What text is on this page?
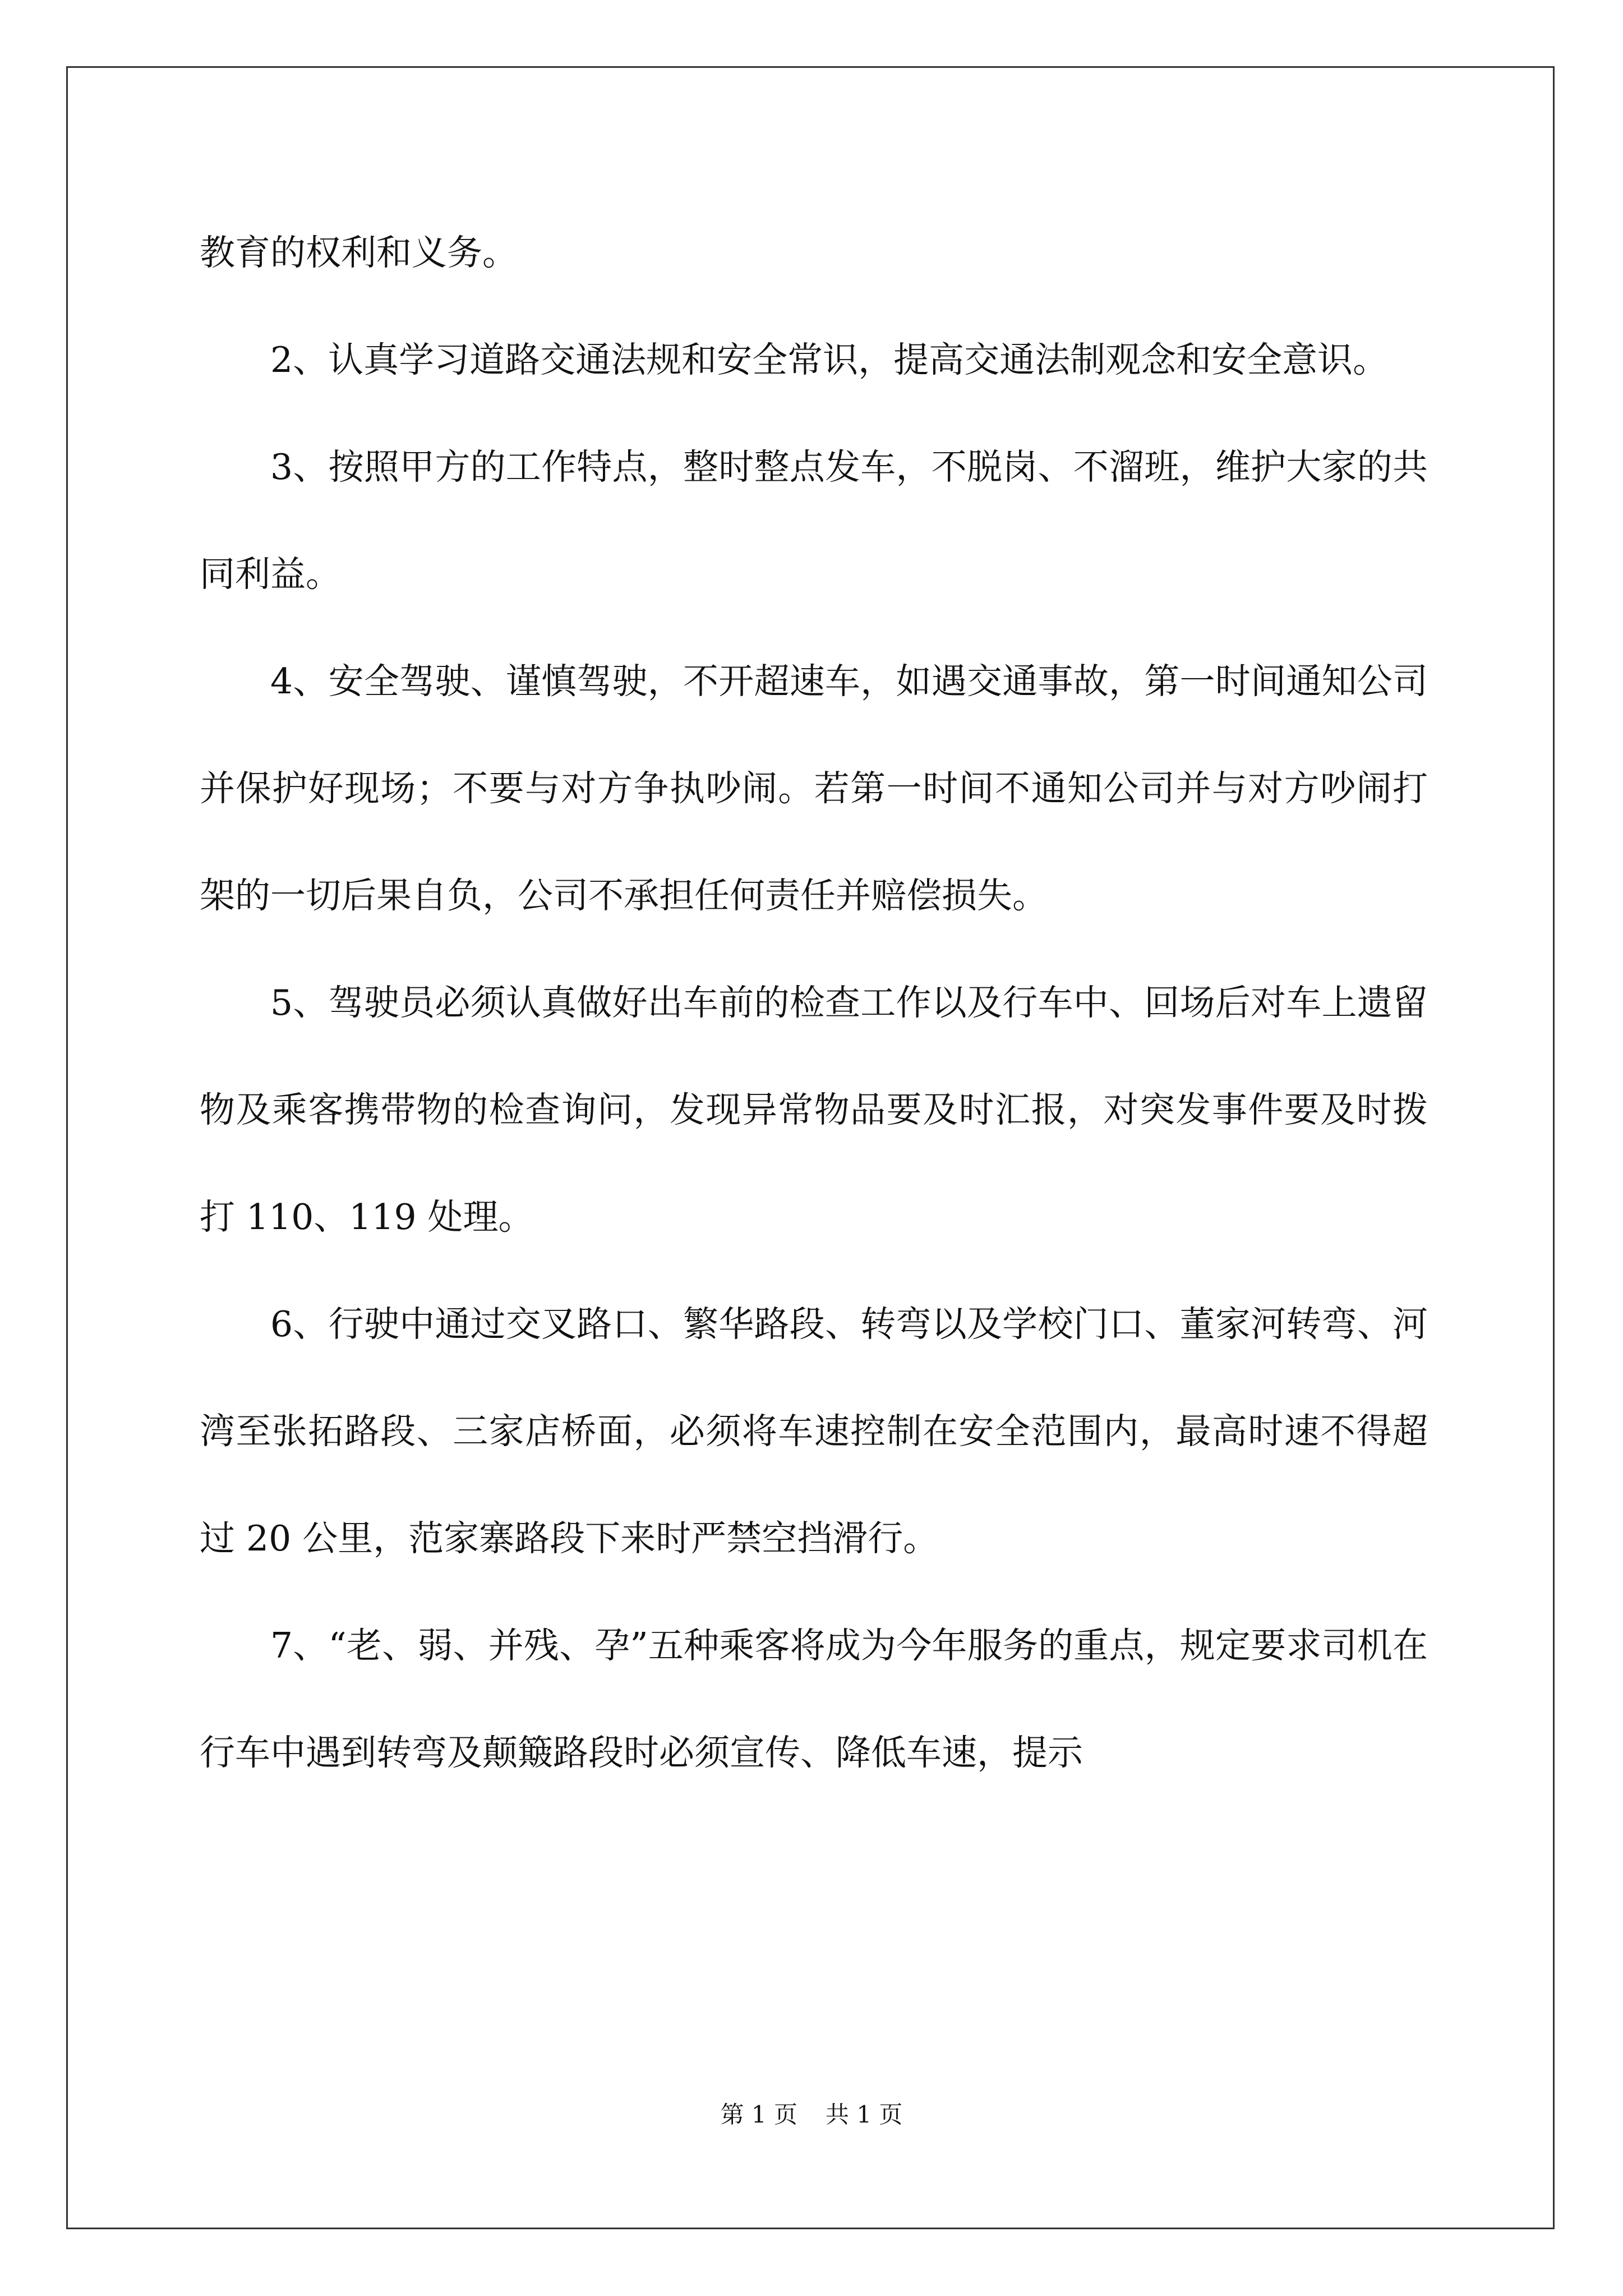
教育的权利和义务。

2、认真学习道路交通法规和安全常识，提高交通法制观念和安全意识。

3、按照甲方的工作特点，整时整点发车，不脱岗、不溜班，维护大家的共同利益。

4、安全驾驶、谨慎驾驶，不开超速车，如遇交通事故，第一时间通知公司并保护好现场；不要与对方争执吵闹。若第一时间不通知公司并与对方吵闹打架的一切后果自负，公司不承担任何责任并赔偿损失。

5、驾驶员必须认真做好出车前的检查工作以及行车中、回场后对车上遗留物及乘客携带物的检查询问，发现异常物品要及时汇报，对突发事件要及时拨打 110、119 处理。

6、行驶中通过交叉路口、繁华路段、转弯以及学校门口、董家河转弯、河湾至张拓路段、三家店桥面，必须将车速控制在安全范围内，最高时速不得超过 20 公里，范家寨路段下来时严禁空挡滑行。

7、“老、弱、并残、孕”五种乘客将成为今年服务的重点，规定要求司机在行车中遇到转弯及颠簸路段时必须宣传、降低车速，提示

第 1 页 共 1 页
